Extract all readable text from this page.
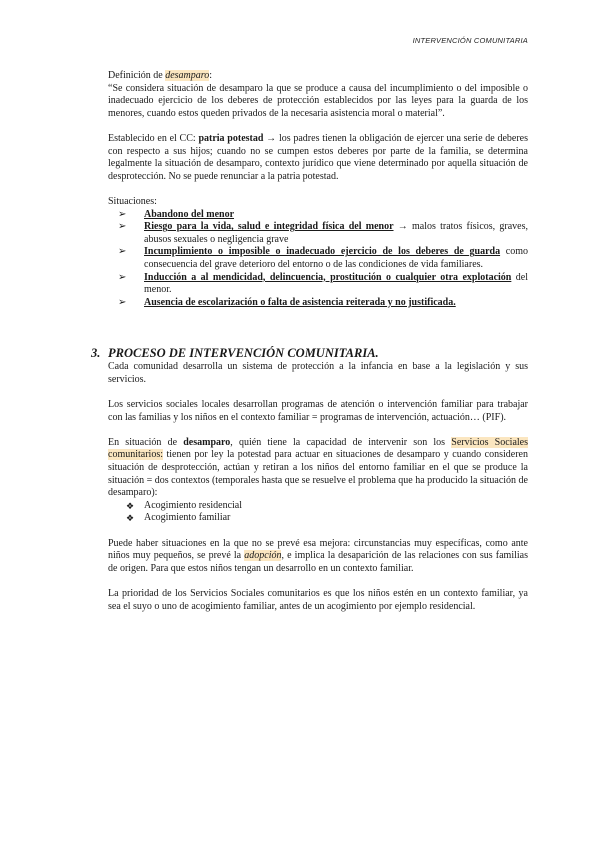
INTERVENCIÓN COMUNITARIA

Definición de desamparo:

“Se considera situación de desamparo la que se produce a causa del incumplimiento o del imposible o inadecuado ejercicio de los deberes de protección establecidos por las leyes para la guarda de los menores, cuando estos queden privados de la necesaria asistencia moral o material”.

Establecido en el CC: patria potestad → los padres tienen la obligación de ejercer una serie de deberes con respecto a sus hijos; cuando no se cumpen estos deberes por parte de la familia, se determina legalmente la situación de desamparo, contexto jurídico que viene determinado por aquella situación de desprotección. No se puede renunciar a la patria potestad.

Situaciones:

➢ Abandono del menor
➢ Riesgo para la vida, salud e integridad física del menor → malos tratos físicos, graves, abusos sexuales o negligencia grave
➢ Incumplimiento o imposible o inadecuado ejercicio de los deberes de guarda como consecuencia del grave deterioro del entorno o de las condiciones de vida familiares.
➢ Inducción a al mendicidad, delincuencia, prostitución o cualquier otra explotación del menor.
➢ Ausencia de escolarización o falta de asistencia reiterada y no justificada.
3. PROCESO DE INTERVENCIÓN COMUNITARIA.

Cada comunidad desarrolla un sistema de protección a la infancia en base a la legislación y sus servicios.

Los servicios sociales locales desarrollan programas de atención o intervención familiar para trabajar con las familias y los niños en el contexto familiar = programas de intervención, actuación… (PIF).

En situación de desamparo, quién tiene la capacidad de intervenir son los Servicios Sociales comunitarios: tienen por ley la potestad para actuar en situaciones de desamparo y cuando consideren situación de desprotección, actúan y retiran a los niños del entorno familiar en el que se produce la situación = dos contextos (temporales hasta que se resuelve el problema que ha producido la situación de desamparo):

❖ Acogimiento residencial
❖ Acogimiento familiar

Puede haber situaciones en la que no se prevé esa mejora: circunstancias muy específicas, como ante niños muy pequeños, se prevé la adopción, e implica la desaparición de las relaciones con sus familias de origen. Para que estos niños tengan un desarrollo en un contexto familiar.

La prioridad de los Servicios Sociales comunitarios es que los niños estén en un contexto familiar, ya sea el suyo o uno de acogimiento familiar, antes de un acogimiento por ejemplo residencial.
